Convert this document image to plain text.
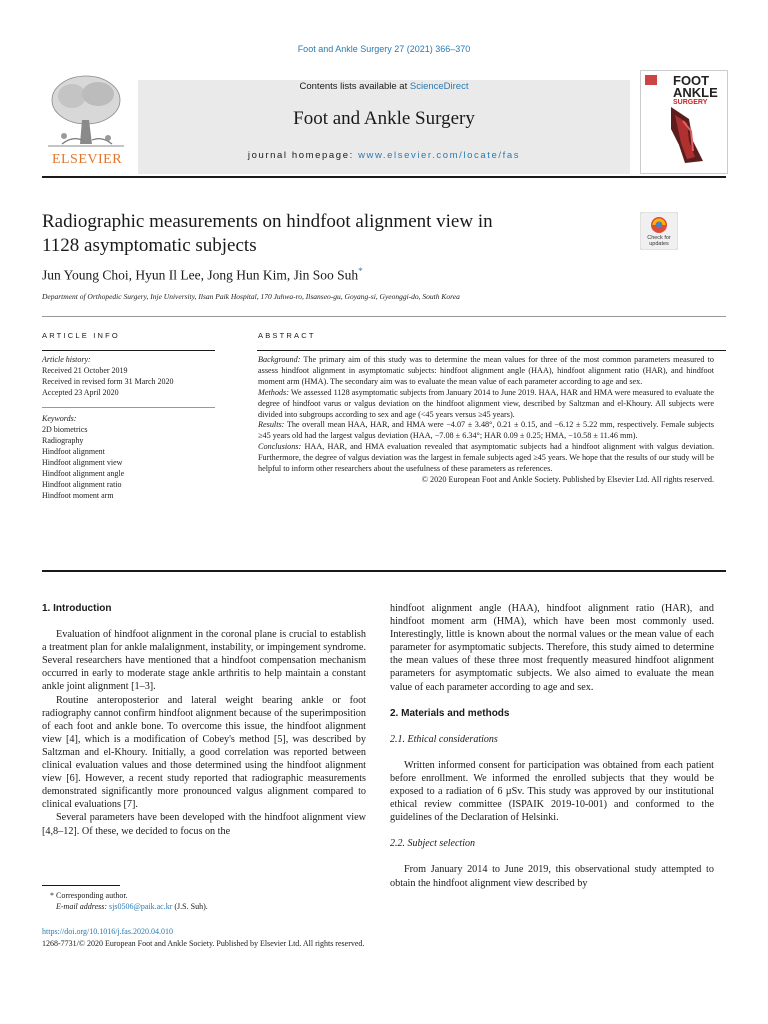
Foot and Ankle Surgery 27 (2021) 366–370
ELSEVIER
Contents lists available at ScienceDirect
Foot and Ankle Surgery
journal homepage: www.elsevier.com/locate/fas
FOOT
ANKLE
SURGERY
Radiographic measurements on hindfoot alignment view in
1128 asymptomatic subjects	Check for
updates
Jun Young Choi, Hyun Il Lee, Jong Hun Kim, Jin Soo Suh*
Department of Orthopedic Surgery, Inje University, Ilsan Paik Hospital, 170 Juhwa-ro, Ilsanseo-gu, Goyang-si, Gyeonggi-do, South Korea
ARTICLE INFO	ABSTRACT
Article history:
Received 21 October 2019
Received in revised form 31 March 2020
Accepted 23 April 2020
Keywords:
2D biometrics
Radiography
Hindfoot alignment
Hindfoot alignment view
Hindfoot alignment angle
Hindfoot alignment ratio
Hindfoot moment arm

Background: The primary aim of this study was to determine the mean values for three of the most common parameters measured to assess hindfoot alignment in asymptomatic subjects: hindfoot alignment angle (HAA), hindfoot alignment ratio (HAR), and hindfoot moment arm (HMA). The secondary aim was to evaluate the mean value of each parameter according to age and sex.

Methods: We assessed 1128 asymptomatic subjects from January 2014 to June 2019. HAA, HAR and HMA were measured to evaluate the degree of hindfoot varus or valgus deviation on the hindfoot alignment view, described by Saltzman and el-Khoury. All subjects were divided into subgroups according to sex and age (<45 years versus ≥45 years).

Results: The overall mean HAA, HAR, and HMA were −4.07 ± 3.48°, 0.21 ± 0.15, and −6.12 ± 5.22 mm, respectively. Female subjects ≥45 years old had the largest valgus deviation (HAA, −7.08 ± 6.34°; HAR 0.09 ± 0.25; HMA, −10.58 ± 11.46 mm).

Conclusions: HAA, HAR, and HMA evaluation revealed that asymptomatic subjects had a hindfoot alignment with valgus deviation. Furthermore, the degree of valgus deviation was the largest in female subjects aged ≥45 years. We hope that the results of our study will be helpful to inform other researchers about the usefulness of these parameters as references.

© 2020 European Foot and Ankle Society. Published by Elsevier Ltd. All rights reserved.

1. Introduction

Evaluation of hindfoot alignment in the coronal plane is crucial to establish a treatment plan for ankle malalignment, instability, or impingement syndrome. Several researchers have mentioned that a hindfoot compensation mechanism occurred in early to moderate stage ankle arthritis to help maintain a constant ankle joint alignment [1–3].

Routine anteroposterior and lateral weight bearing ankle or foot radiography cannot confirm hindfoot alignment because of the superimposition of each foot and ankle bone. To overcome this issue, the hindfoot alignment view [4], which is a modification of Cobey's method [5], was described by Saltzman and el-Khoury. Initially, a good correlation was reported between clinical evaluation values and those determined using the hindfoot alignment view [6]. However, a recent study reported that radiographic measurements demonstrated significantly more pronounced valgus alignment compared to clinical evaluations [7].

Several parameters have been developed with the hindfoot alignment view [4,8–12]. Of these, we decided to focus on the

hindfoot alignment angle (HAA), hindfoot alignment ratio (HAR), and hindfoot moment arm (HMA), which have been most commonly used. Interestingly, little is known about the normal values or the mean value of each parameter for asymptomatic subjects. Therefore, this study aimed to determine the mean values of these three most frequently measured hindfoot alignment parameters for asymptomatic subjects. We also aimed to evaluate the mean value of each parameter according to age and sex.

2. Materials and methods

2.1. Ethical considerations

Written informed consent for participation was obtained from each patient before enrollment. We informed the enrolled subjects that they would be exposed to a radiation of 6 µSv. This study was approved by our institutional ethical review committee (ISPAIK 2019-10-001) and conformed to the guidelines of the Declaration of Helsinki.

2.2. Subject selection

From January 2014 to June 2019, this observational study attempted to obtain the hindfoot alignment view described by

* Corresponding author.
E-mail address: sjs0506@paik.ac.kr (J.S. Suh).
https://doi.org/10.1016/j.fas.2020.04.010
1268-7731/© 2020 European Foot and Ankle Society. Published by Elsevier Ltd. All rights reserved.
